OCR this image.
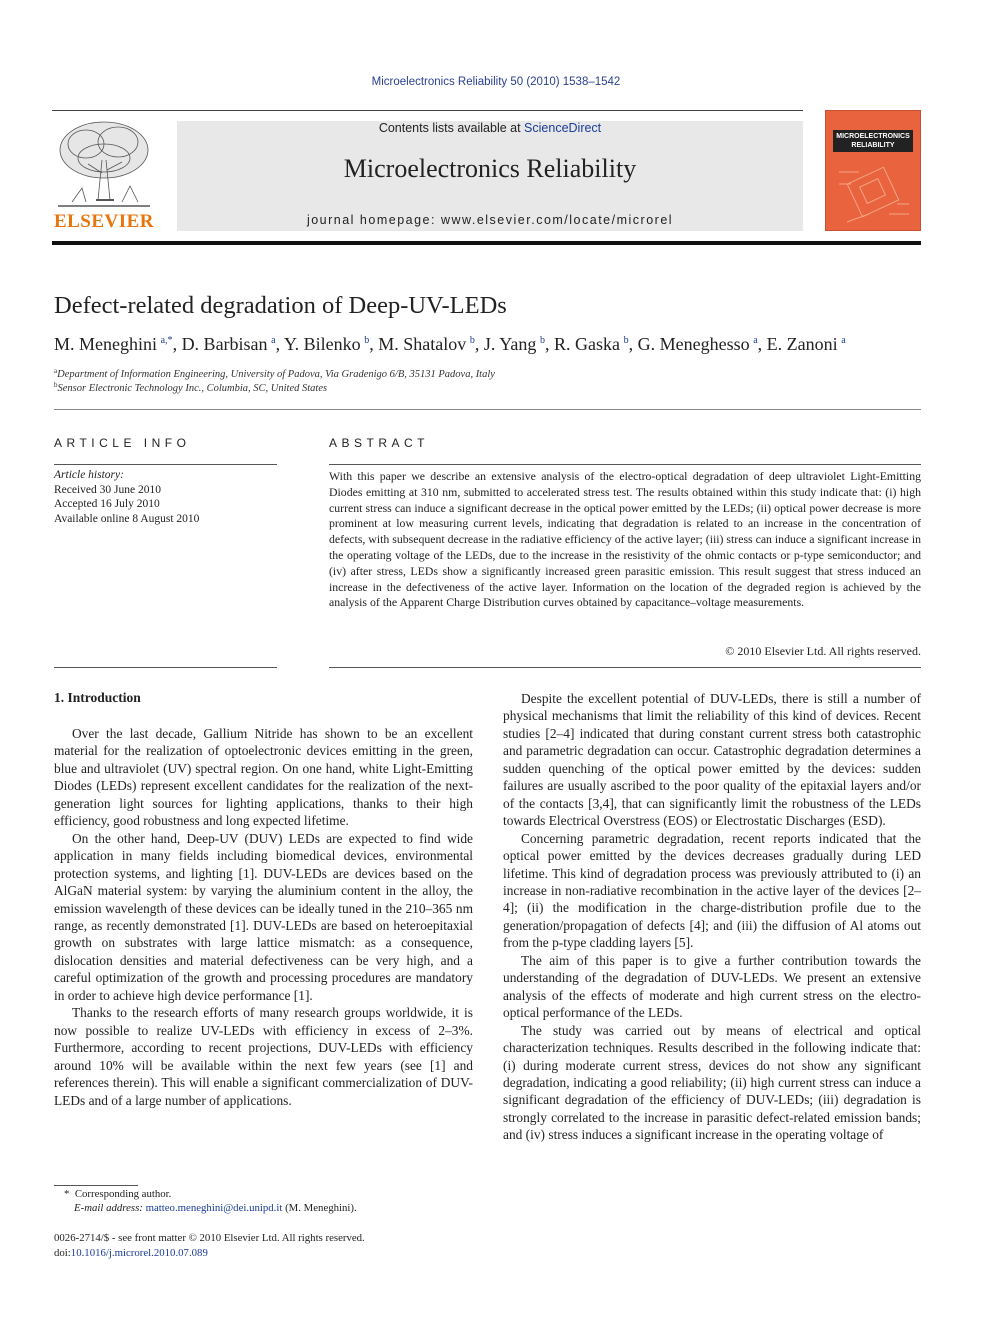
Microelectronics Reliability 50 (2010) 1538–1542
ELSEVIER
Contents lists available at ScienceDirect
Microelectronics Reliability
journal homepage: www.elsevier.com/locate/microrel
MICROELECTRONICS
RELIABILITY
Defect-related degradation of Deep-UV-LEDs
M. Meneghini  $^{a,*}$, D. Barbisan  $^a$, Y. Bilenko  $^b$, M. Shatalov  $^b$, J. Yang  $^b$, R. Gaska  $^b$, G. Meneghesso  $^a$, E. Zanoni  $^a$
$^a$Department of Information Engineering, University of Padova, Via Gradenigo 6/B, 35131 Padova, Italy
$^b$Sensor Electronic Technology Inc., Columbia, SC, United States
ARTICLE INFO
Article history:
Received 30 June 2010
Accepted 16 July 2010
Available online 8 August 2010
ABSTRACT
With this paper we describe an extensive analysis of the electro-optical degradation of deep ultraviolet Light-Emitting Diodes emitting at 310 nm, submitted to accelerated stress test. The results obtained within this study indicate that: (i) high current stress can induce a significant decrease in the optical power emitted by the LEDs; (ii) optical power decrease is more prominent at low measuring current levels, indicating that degradation is related to an increase in the concentration of defects, with subsequent decrease in the radiative efficiency of the active layer; (iii) stress can induce a significant increase in the operating voltage of the LEDs, due to the increase in the resistivity of the ohmic contacts or p-type semiconductor; and (iv) after stress, LEDs show a significantly increased green parasitic emission. This result suggest that stress induced an increase in the defectiveness of the active layer. Information on the location of the degraded region is achieved by the analysis of the Apparent Charge Distribution curves obtained by capacitance–voltage measurements.
© 2010 Elsevier Ltd. All rights reserved.
1. Introduction

Over the last decade, Gallium Nitride has shown to be an excellent material for the realization of optoelectronic devices emitting in the green, blue and ultraviolet (UV) spectral region. On one hand, white Light-Emitting Diodes (LEDs) represent excellent candidates for the realization of the next-generation light sources for lighting applications, thanks to their high efficiency, good robustness and long expected lifetime.

On the other hand, Deep-UV (DUV) LEDs are expected to find wide application in many fields including biomedical devices, environmental protection systems, and lighting [1]. DUV-LEDs are devices based on the AlGaN material system: by varying the aluminium content in the alloy, the emission wavelength of these devices can be ideally tuned in the 210–365 nm range, as recently demonstrated [1]. DUV-LEDs are based on heteroepitaxial growth on substrates with large lattice mismatch: as a consequence, dislocation densities and material defectiveness can be very high, and a careful optimization of the growth and processing procedures are mandatory in order to achieve high device performance [1].

Thanks to the research efforts of many research groups worldwide, it is now possible to realize UV-LEDs with efficiency in excess of 2–3%. Furthermore, according to recent projections, DUV-LEDs with efficiency around 10% will be available within the next few years (see [1] and references therein). This will enable a significant commercialization of DUV-LEDs and of a large number of applications.

Despite the excellent potential of DUV-LEDs, there is still a number of physical mechanisms that limit the reliability of this kind of devices. Recent studies [2–4] indicated that during constant current stress both catastrophic and parametric degradation can occur. Catastrophic degradation determines a sudden quenching of the optical power emitted by the devices: sudden failures are usually ascribed to the poor quality of the epitaxial layers and/or of the contacts [3,4], that can significantly limit the robustness of the LEDs towards Electrical Overstress (EOS) or Electrostatic Discharges (ESD).

Concerning parametric degradation, recent reports indicated that the optical power emitted by the devices decreases gradually during LED lifetime. This kind of degradation process was previously attributed to (i) an increase in non-radiative recombination in the active layer of the devices [2–4]; (ii) the modification in the charge-distribution profile due to the generation/propagation of defects [4]; and (iii) the diffusion of Al atoms out from the p-type cladding layers [5].

The aim of this paper is to give a further contribution towards the understanding of the degradation of DUV-LEDs. We present an extensive analysis of the effects of moderate and high current stress on the electro-optical performance of the LEDs.

The study was carried out by means of electrical and optical characterization techniques. Results described in the following indicate that: (i) during moderate current stress, devices do not show any significant degradation, indicating a good reliability; (ii) high current stress can induce a significant degradation of the efficiency of DUV-LEDs; (iii) degradation is strongly correlated to the increase in parasitic defect-related emission bands; and (iv) stress induces a significant increase in the operating voltage of

* Corresponding author.
E-mail address: matteo.meneghini@dei.unipd.it (M. Meneghini).
0026-2714/$ - see front matter © 2010 Elsevier Ltd. All rights reserved.
doi:10.1016/j.microrel.2010.07.089
